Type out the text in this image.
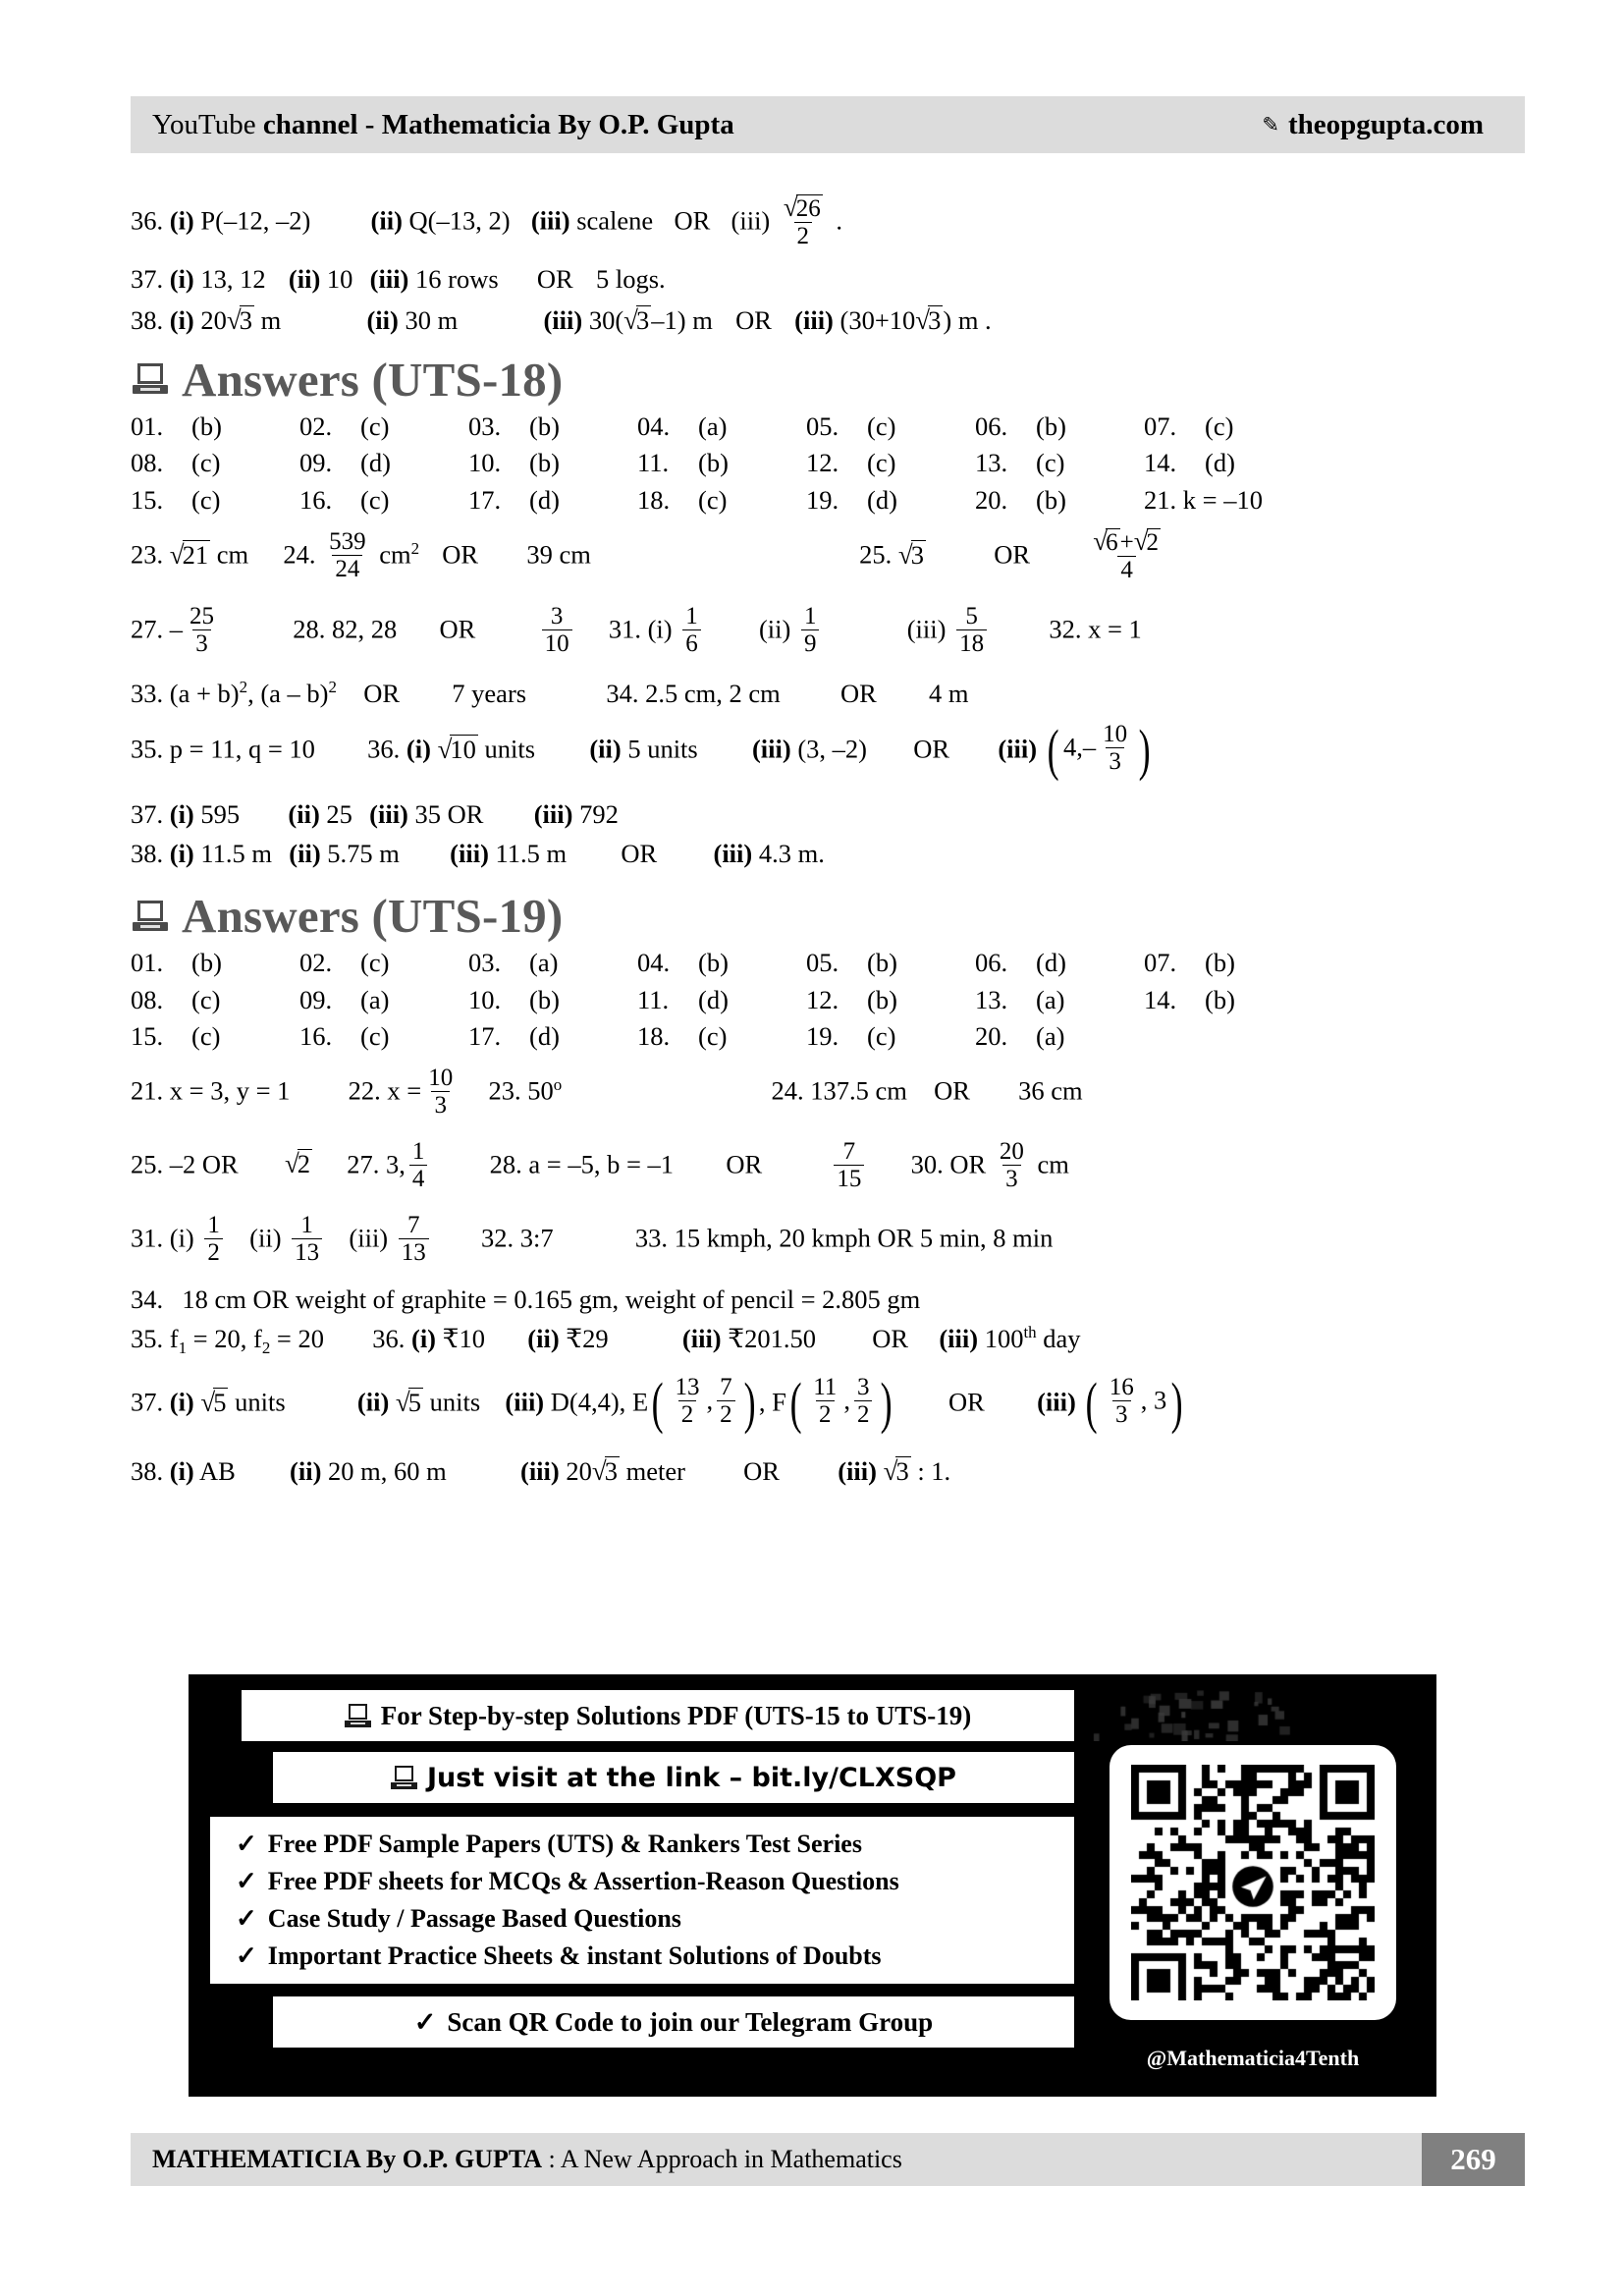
YouTube channel - Mathematicia By O.P. Gupta	✎ theopgupta.com
36. (i) P(–12, –2) (ii) Q(–13, 2) (iii) scalene OR $(iii) \frac{√26}{2}$ .
37. (i) 13, 12 (ii) 10 (iii) 16 rows OR 5 logs.
38. (i) 20√3 m	(ii) 30 m	(iii) 30(√3–1) m OR (iii) (30+10√3) m .
Answers (UTS-18)
01.	(b)	02.	(c)	03.	(b)	04.	(a)	05.	(c)	06.	(b)	07.	(c)
08.	(c)	09.	(d)	10.	(b)	11.	(b)	12.	(c)	13.	(c)	14.	(d)
15.	(c)	16.	(c)	17.	(d)	18.	(c)	19.	(d)	20.	(b)	21. k = –10
23. √21 cm 24. $\frac{539}{24} cm^2$ OR 39 cm	25. √3	OR $\frac{√6+√2}{4}$
27. – $\frac{25}{3}$	28. 82, 28 OR	$\frac{3}{10} 31$. $(i) \frac{1}{6} (ii) \frac{1}{9}$	$(iii) \frac{5}{18} 32$. x = 1
33. $(a + b)^2$, (a – b)$^2$ OR 7 years	34. 2.5 cm, 2 cm OR 4 m
35. p = 11, q = 10 36. (i) √10 units (ii) 5 units (iii) (3, –2) OR (iii) ( $4,- \frac{10}{3}$ )
37. (i) 595 (ii) 25 (iii) 35 OR (iii) 792
38. (i) 11.5 m (ii) 5.75 m (iii) 11.5 m OR (iii) 4.3 m.
Answers (UTS-19)
01.	(b)	02.	(c)	03.	(a)	04.	(b)	05.	(b)	06.	(d)	07.	(b)
08.	(c)	09.	(a)	10.	(b)	11.	(d)	12.	(b)	13.	(a)	14.	(b)
15.	(c)	16.	(c)	17.	(d)	18.	(c)	19.	(c)	20.	(a)
21. x = 3, y = 1 22. $x = \frac{10}{3} 23$. 50$^o$	24. 137.5 cm OR 36 cm
25. –2 OR √2 27. 3, $\frac{1}{4} 28$. a = –5, b = –1 OR	$\frac{7}{15} 30$. OR $\frac{20}{3}$ cm
31. $(i) \frac{1}{2} (ii) \frac{1}{13} (iii) \frac{7}{13} 32$. 3:7	33. 15 kmph, 20 kmph OR 5 min, 8 min
34. 18 cm OR weight of graphite = 0.165 gm, weight of pencil = 2.805 gm
35. $f_1 = 20$, $f_2 = 20$ 36. (i) ₹10 (ii) ₹29	(iii) ₹201.50 OR (iii) 100th day
37. (i) √5 units	(ii) √5 units (iii) D(4,4), E ( $\frac{13}{2}$ , $\frac{7}{2}$ ) , F ( $\frac{11}{2}$ , $\frac{3}{2}$ ) OR (iii) ( $\frac{16}{3}$ , 3 )
38. (i) AB (ii) 20 m, 60 m	(iii) 20√3 meter OR (iii) √3 : 1.
For Step-by-step Solutions PDF (UTS-15 to UTS-19)
Just visit at the link – bit.ly/CLXSQP
✓ Free PDF Sample Papers (UTS) & Rankers Test Series
✓ Free PDF sheets for MCQs & Assertion-Reason Questions
✓ Case Study / Passage Based Questions
✓ Important Practice Sheets & instant Solutions of Doubts
✓ Scan QR Code to join our Telegram Group
@Mathematicia4Tenth
MATHEMATICIA By O.P. GUPTA : A New Approach in Mathematics	269
